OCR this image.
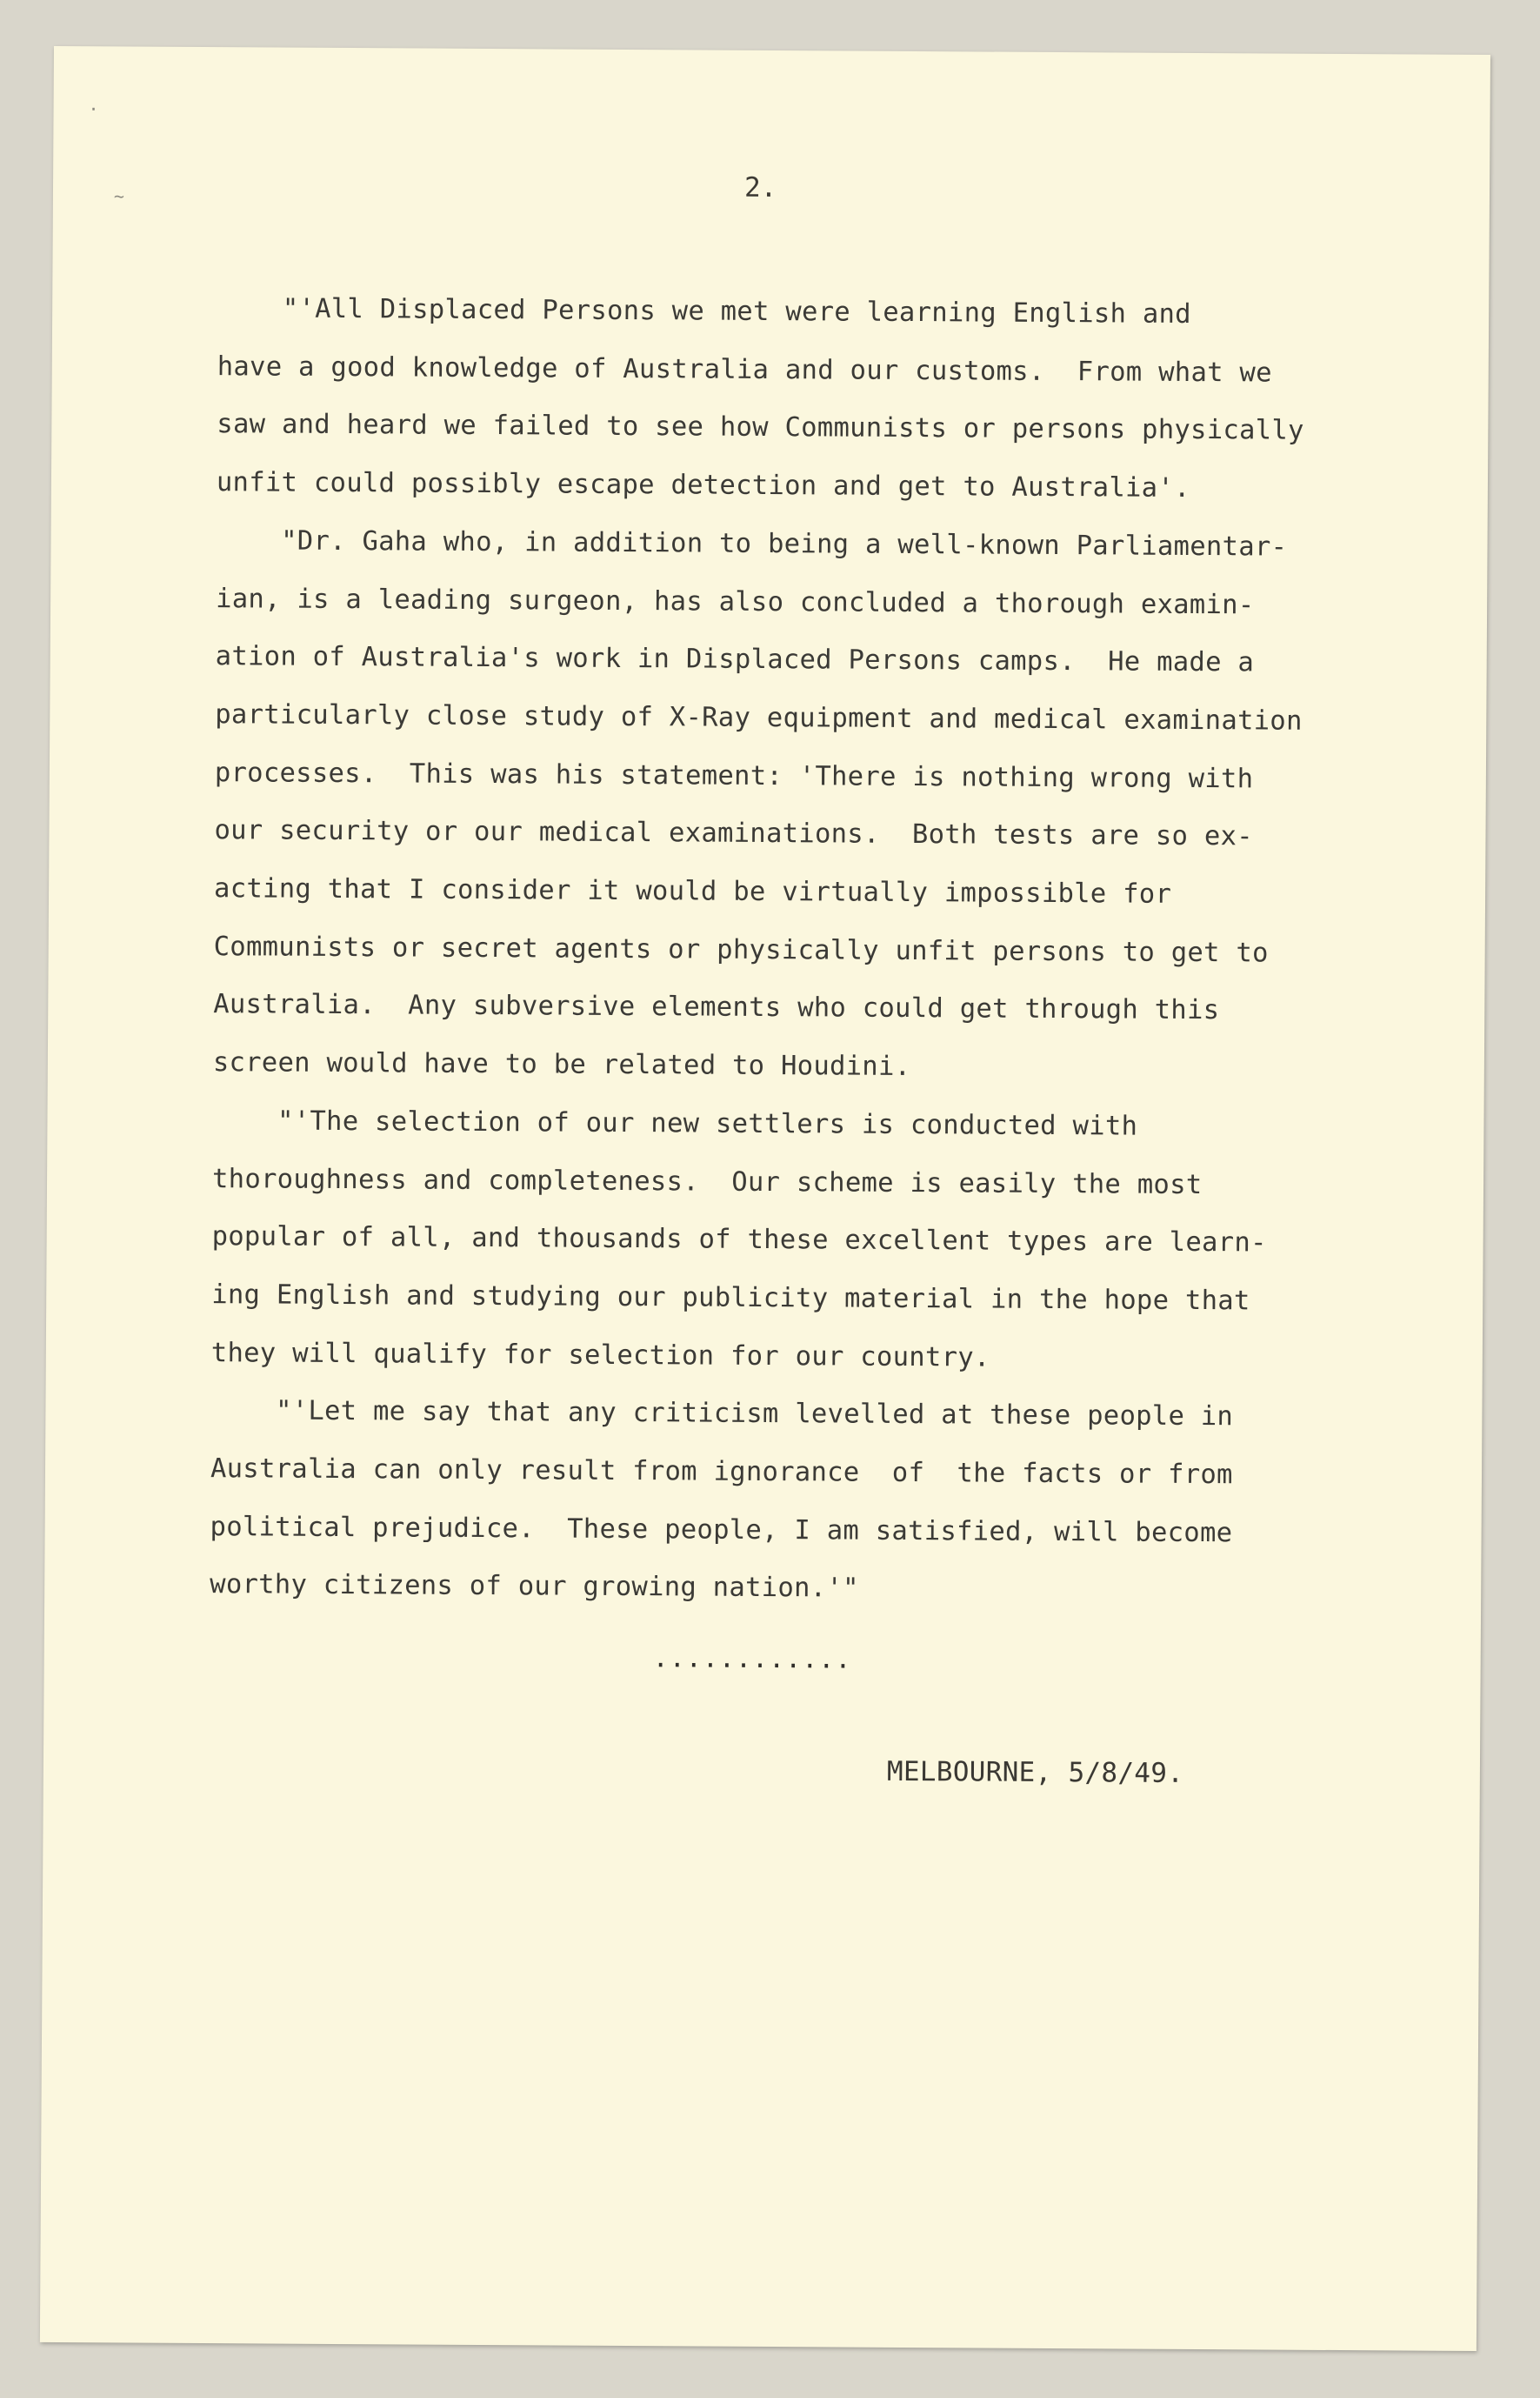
~
·
2.
"'All Displaced Persons we met were learning English and
have a good knowledge of Australia and our customs.  From what we
saw and heard we failed to see how Communists or persons physically
unfit could possibly escape detection and get to Australia'.
"Dr. Gaha who, in addition to being a well-known Parliamentar-
ian, is a leading surgeon, has also concluded a thorough examin-
ation of Australia's work in Displaced Persons camps.  He made a
particularly close study of X-Ray equipment and medical examination
processes.  This was his statement: 'There is nothing wrong with
our security or our medical examinations.  Both tests are so ex-
acting that I consider it would be virtually impossible for
Communists or secret agents or physically unfit persons to get to
Australia.  Any subversive elements who could get through this
screen would have to be related to Houdini.
"'The selection of our new settlers is conducted with
thoroughness and completeness.  Our scheme is easily the most
popular of all, and thousands of these excellent types are learn-
ing English and studying our publicity material in the hope that
they will qualify for selection for our country.
"'Let me say that any criticism levelled at these people in
Australia can only result from ignorance  of  the facts or from
political prejudice.  These people, I am satisfied, will become
worthy citizens of our growing nation.'"
............
MELBOURNE, 5/8/49.
